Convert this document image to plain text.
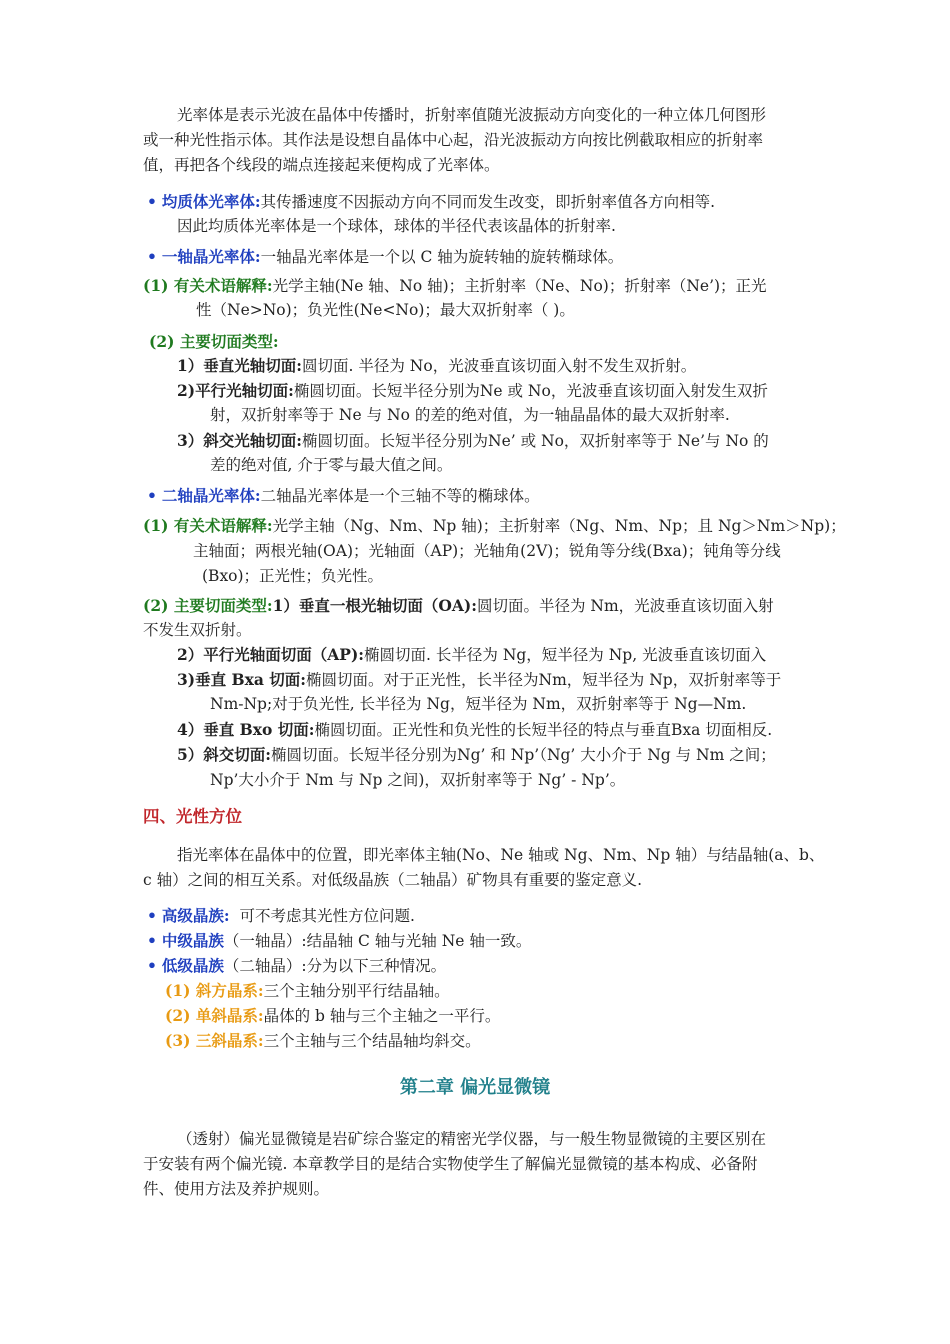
光率体是表示光波在晶体中传播时，折射率值随光波振动方向变化的一种立体几何图形
或一种光性指示体。其作法是设想自晶体中心起，沿光波振动方向按比例截取相应的折射率
值，再把各个线段的端点连接起来便构成了光率体。
• 均质体光率体:其传播速度不因振动方向不同而发生改变，即折射率值各方向相等.
因此均质体光率体是一个球体，球体的半径代表该晶体的折射率.
• 一轴晶光率体:一轴晶光率体是一个以 C 轴为旋转轴的旋转椭球体。
(1) 有关术语解释:光学主轴(Ne 轴、No 轴)；主折射率（Ne、No)；折射率（Ne’)；正光
性（Ne>No)；负光性(Ne<No)；最大双折射率（ )。
(2) 主要切面类型:
1）垂直光轴切面:圆切面. 半径为 No，光波垂直该切面入射不发生双折射。
2)平行光轴切面:椭圆切面。长短半径分别为Ne 或 No，光波垂直该切面入射发生双折
射，双折射率等于 Ne 与 No 的差的绝对值，为一轴晶晶体的最大双折射率.
3）斜交光轴切面:椭圆切面。长短半径分别为Ne’ 或 No，双折射率等于 Ne’与 No 的
差的绝对值, 介于零与最大值之间。
• 二轴晶光率体:二轴晶光率体是一个三轴不等的椭球体。
(1) 有关术语解释:光学主轴（Ng、Nm、Np 轴)；主折射率（Ng、Nm、Np；且 Ng＞Nm＞Np)；
主轴面；两根光轴(OA)；光轴面（AP)；光轴角(2V)；锐角等分线(Bxa)；钝角等分线
(Bxo)；正光性；负光性。
(2) 主要切面类型:1）垂直一根光轴切面（OA):圆切面。半径为 Nm，光波垂直该切面入射
不发生双折射。
2）平行光轴面切面（AP):椭圆切面. 长半径为 Ng，短半径为 Np, 光波垂直该切面入
3)垂直 Bxa 切面:椭圆切面。对于正光性，长半径为Nm，短半径为 Np，双折射率等于
Nm-Np;对于负光性, 长半径为 Ng，短半径为 Nm，双折射率等于 Ng—Nm.
4）垂直 Bxo 切面:椭圆切面。正光性和负光性的长短半径的特点与垂直Bxa 切面相反.
5）斜交切面:椭圆切面。长短半径分别为Ng’ 和 Np’（Ng’ 大小介于 Ng 与 Nm 之间；
Np’大小介于 Nm 与 Np 之间)，双折射率等于 Ng’ - Np’。
四、光性方位
指光率体在晶体中的位置，即光率体主轴(No、Ne 轴或 Ng、Nm、Np 轴）与结晶轴(a、b、
c 轴）之间的相互关系。对低级晶族（二轴晶）矿物具有重要的鉴定意义.
• 高级晶族: 可不考虑其光性方位问题.
• 中级晶族（一轴晶）:结晶轴 C 轴与光轴 Ne 轴一致。
• 低级晶族（二轴晶）:分为以下三种情况。
(1) 斜方晶系:三个主轴分别平行结晶轴。
(2) 单斜晶系:晶体的 b 轴与三个主轴之一平行。
(3) 三斜晶系:三个主轴与三个结晶轴均斜交。
第二章 偏光显微镜
（透射）偏光显微镜是岩矿综合鉴定的精密光学仪器，与一般生物显微镜的主要区别在
于安装有两个偏光镜. 本章教学目的是结合实物使学生了解偏光显微镜的基本构成、必备附
件、使用方法及养护规则。
